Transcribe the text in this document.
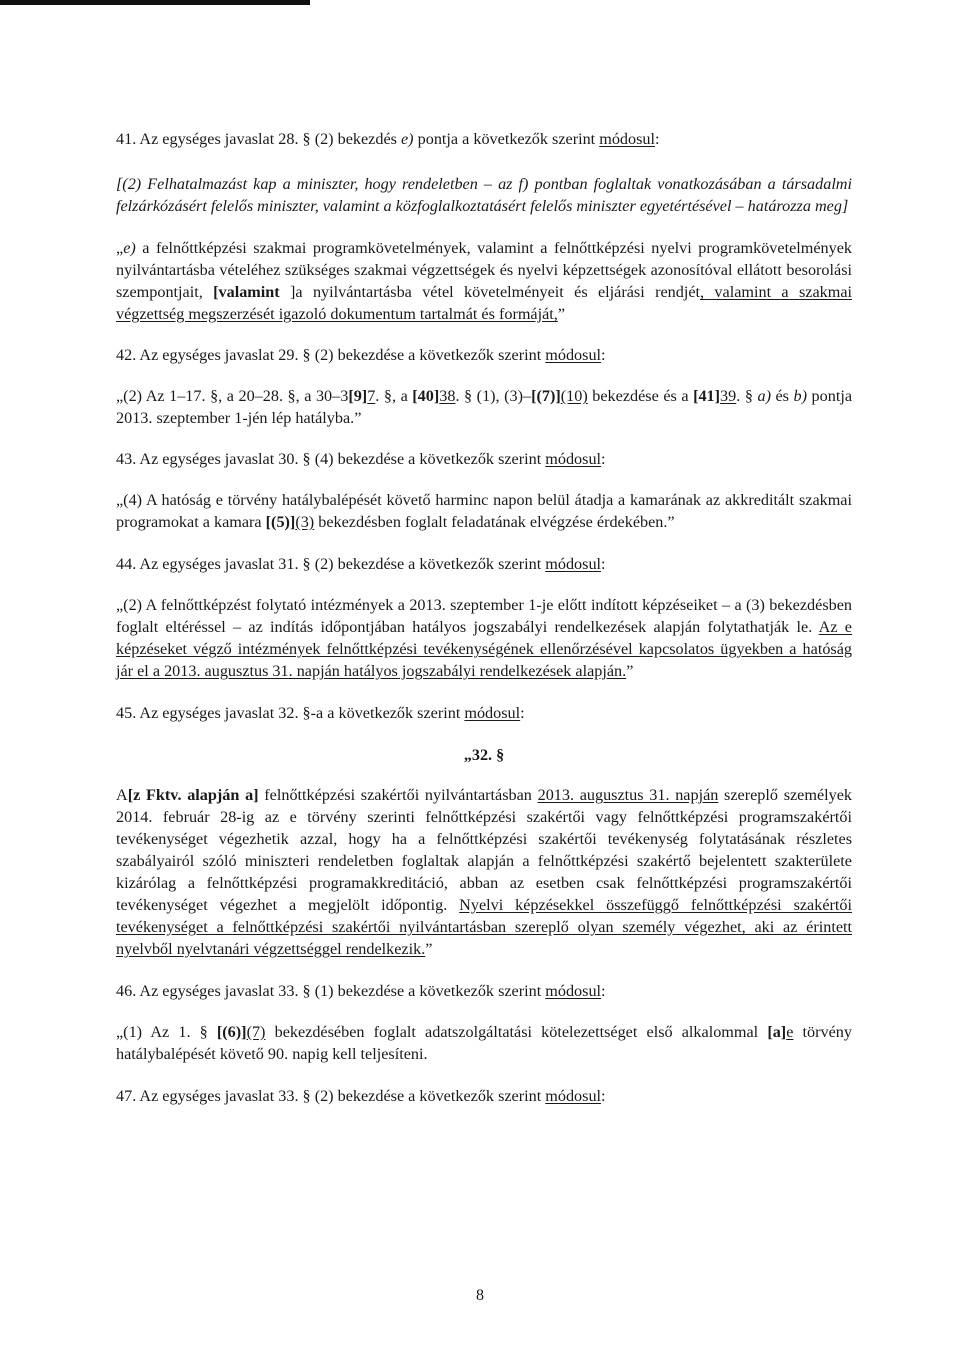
41. Az egységes javaslat 28. § (2) bekezdés e) pontja a következők szerint módosul:

[(2) Felhatalmazást kap a miniszter, hogy rendeletben – az f) pontban foglaltak vonatkozásában a társadalmi felzárkózásért felelős miniszter, valamint a közfoglalkoztatásért felelős miniszter egyetértésével – határozza meg]

„e) a felnőttképzési szakmai programkövetelmények, valamint a felnőttképzési nyelvi programkövetelmények nyilvántartásba vételéhez szükséges szakmai végzettségek és nyelvi képzettségek azonosítóval ellátott besorolási szempontjait, [valamint ]a nyilvántartásba vétel követelményeit és eljárási rendjét, valamint a szakmai végzettség megszerzését igazoló dokumentum tartalmát és formáját,”

42. Az egységes javaslat 29. § (2) bekezdése a következők szerint módosul:

„(2) Az 1–17. §, a 20–28. §, a 30–3[9]7. §, a [40]38. § (1), (3)–[(7)](10) bekezdése és a [41]39. § a) és b) pontja 2013. szeptember 1-jén lép hatályba.”

43. Az egységes javaslat 30. § (4) bekezdése a következők szerint módosul:

„(4) A hatóság e törvény hatálybalépését követő harminc napon belül átadja a kamarának az akkreditált szakmai programokat a kamara [(5)](3) bekezdésben foglalt feladatának elvégzése érdekében.”

44. Az egységes javaslat 31. § (2) bekezdése a következők szerint módosul:

„(2) A felnőttképzést folytató intézmények a 2013. szeptember 1-je előtt indított képzéseiket – a (3) bekezdésben foglalt eltéréssel – az indítás időpontjában hatályos jogszabályi rendelkezések alapján folytathatják le. Az e képzéseket végző intézmények felnőttképzési tevékenységének ellenőrzésével kapcsolatos ügyekben a hatóság jár el a 2013. augusztus 31. napján hatályos jogszabályi rendelkezések alapján.”

45. Az egységes javaslat 32. §-a a következők szerint módosul:

„32. §

A[z Fktv. alapján a] felnőttképzési szakértői nyilvántartásban 2013. augusztus 31. napján szereplő személyek 2014. február 28-ig az e törvény szerinti felnőttképzési szakértői vagy felnőttképzési programszakértői tevékenységet végezhetik azzal, hogy ha a felnőttképzési szakértői tevékenység folytatásának részletes szabályairól szóló miniszteri rendeletben foglaltak alapján a felnőttképzési szakértő bejelentett szakterülete kizárólag a felnőttképzési programakkreditáció, abban az esetben csak felnőttképzési programszakértői tevékenységet végezhet a megjelölt időpontig. Nyelvi képzésekkel összefüggő felnőttképzési szakértői tevékenységet a felnőttképzési szakértői nyilvántartásban szereplő olyan személy végezhet, aki az érintett nyelvből nyelvtanári végzettséggel rendelkezik.”

46. Az egységes javaslat 33. § (1) bekezdése a következők szerint módosul:

„(1) Az 1. § [(6)](7) bekezdésében foglalt adatszolgáltatási kötelezettséget első alkalommal [a]e törvény hatálybalépését követő 90. napig kell teljesíteni.

47. Az egységes javaslat 33. § (2) bekezdése a következők szerint módosul:

8
